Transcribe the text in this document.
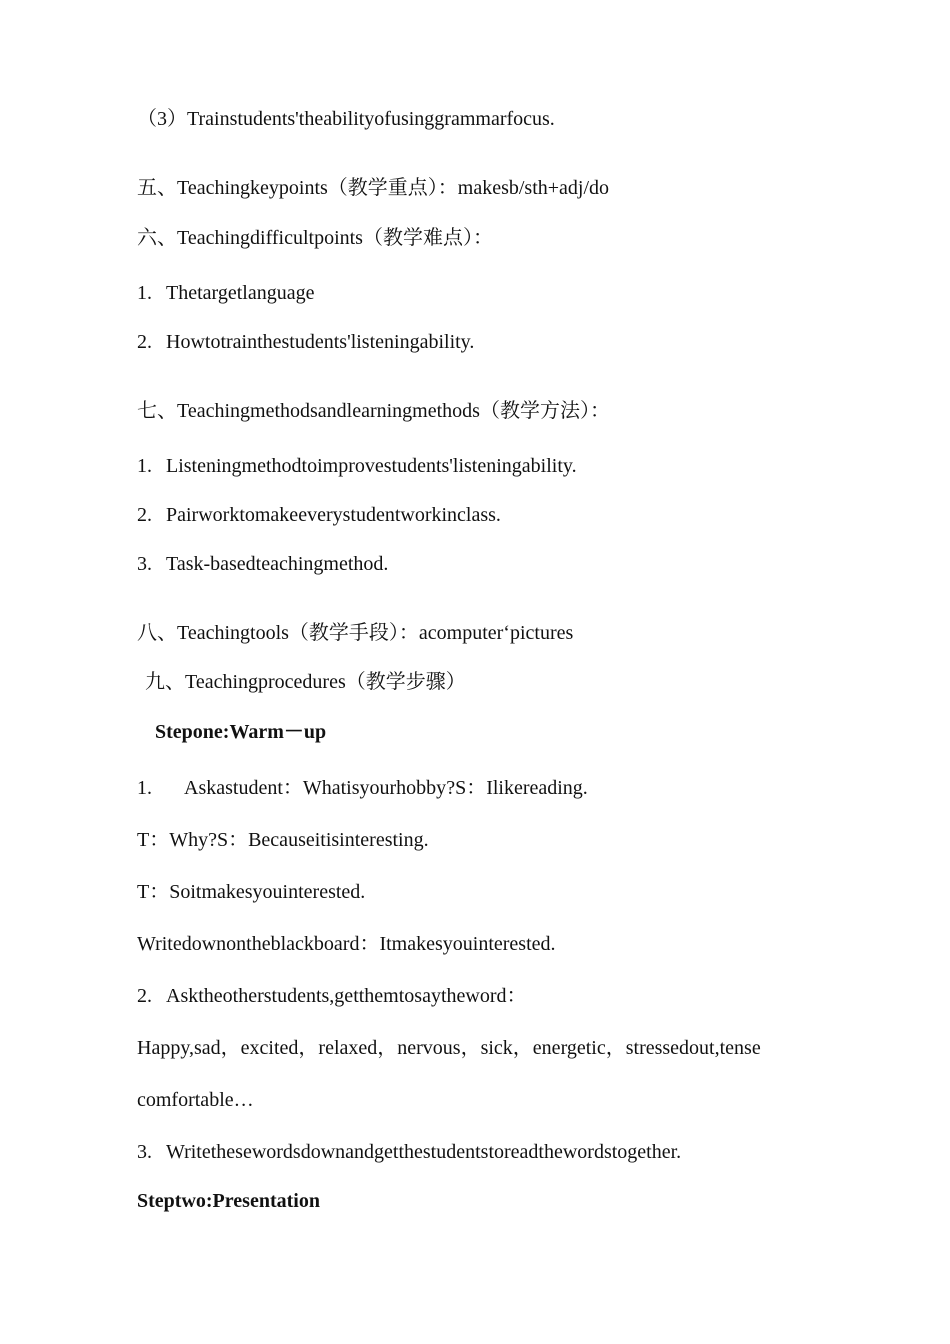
（3）Trainstudents'theabilityofusinggrammarfocus.
五、Teachingkeypoints（教学重点）：makesb/sth+adj/do
六、Teachingdifficultpoints（教学难点）：
1. Thetargetlanguage
2. Howtotrainthestudents'listeningability.
七、Teachingmethodsandlearningmethods（教学方法）：
1. Listeningmethodtoimprovestudents'listeningability.
2. Pairworktomakeeverystudentworkinclass.
3. Task-basedteachingmethod.
八、Teachingtools（教学手段）：acomputer‘pictures
九、Teachingprocedures（教学步骤）
Stepone:Warm－up
1. Askastudent：Whatisyourhobby?S：Ilikereading.
T：Why?S：Becauseitisinteresting.
T：Soitmakesyouinterested.
Writedownontheblackboard：Itmakesyouinterested.
2. Asktheotherstudents,getthemtosaytheword：
Happy,sad，excited，relaxed，nervous，sick，energetic，stressedout,tense
comfortable…
3. Writethesewordsdownandgetthestudentstoreadthewordstogether.
Steptwo:Presentation
